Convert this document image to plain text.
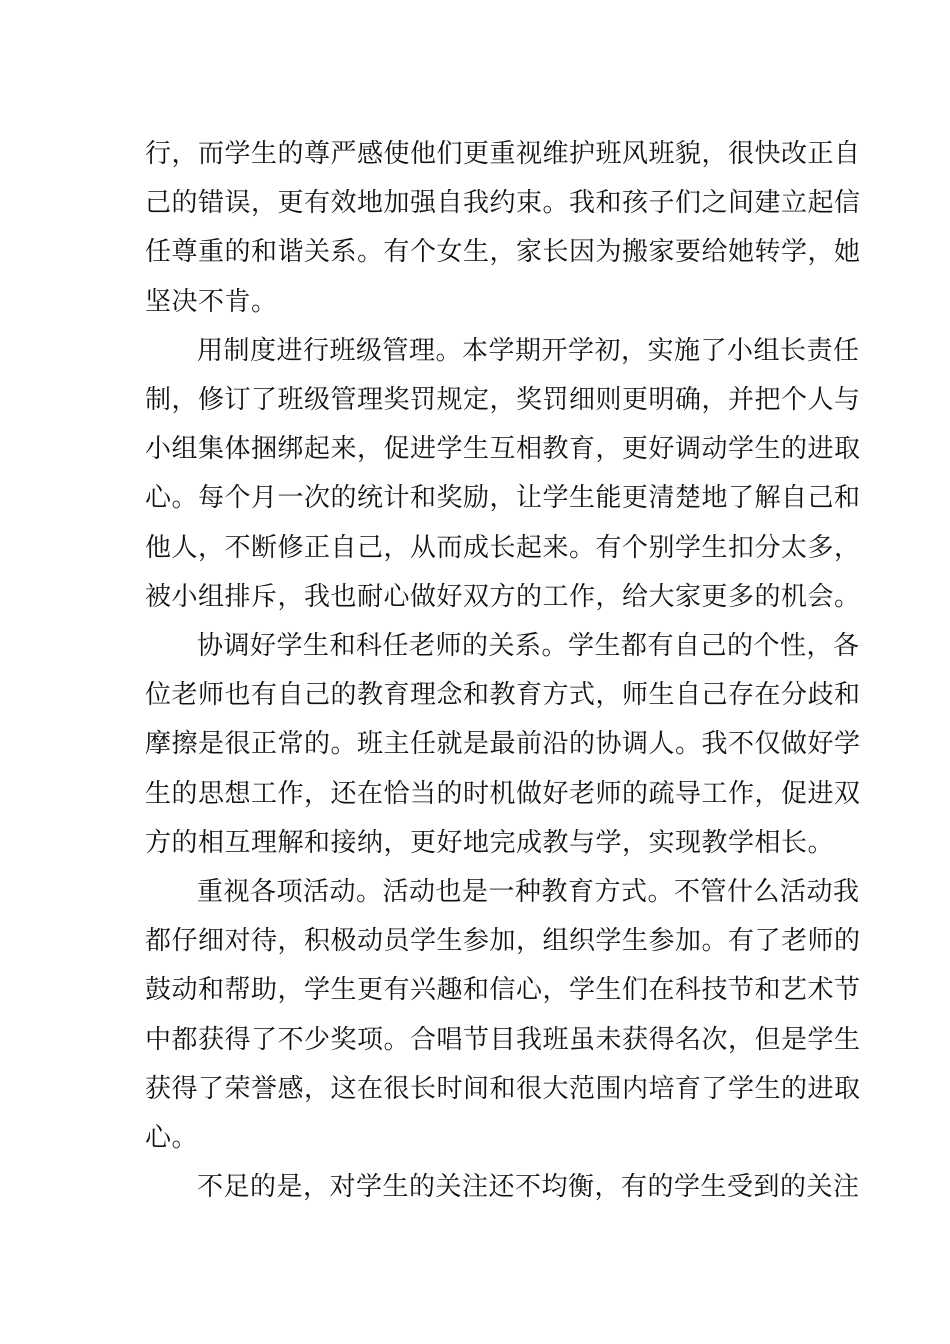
行，而学生的尊严感使他们更重视维护班风班貌，很快改正自
己的错误，更有效地加强自我约束。我和孩子们之间建立起信
任尊重的和谐关系。有个女生，家长因为搬家要给她转学，她
坚决不肯。

用制度进行班级管理。本学期开学初，实施了小组长责任
制，修订了班级管理奖罚规定，奖罚细则更明确，并把个人与
小组集体捆绑起来，促进学生互相教育，更好调动学生的进取
心。每个月一次的统计和奖励，让学生能更清楚地了解自己和
他人，不断修正自己，从而成长起来。有个别学生扣分太多，
被小组排斥，我也耐心做好双方的工作，给大家更多的机会。

协调好学生和科任老师的关系。学生都有自己的个性，各
位老师也有自己的教育理念和教育方式，师生自己存在分歧和
摩擦是很正常的。班主任就是最前沿的协调人。我不仅做好学
生的思想工作，还在恰当的时机做好老师的疏导工作，促进双
方的相互理解和接纳，更好地完成教与学，实现教学相长。

重视各项活动。活动也是一种教育方式。不管什么活动我
都仔细对待，积极动员学生参加，组织学生参加。有了老师的
鼓动和帮助，学生更有兴趣和信心，学生们在科技节和艺术节
中都获得了不少奖项。合唱节目我班虽未获得名次，但是学生
获得了荣誉感，这在很长时间和很大范围内培育了学生的进取
心。

不足的是，对学生的关注还不均衡，有的学生受到的关注
